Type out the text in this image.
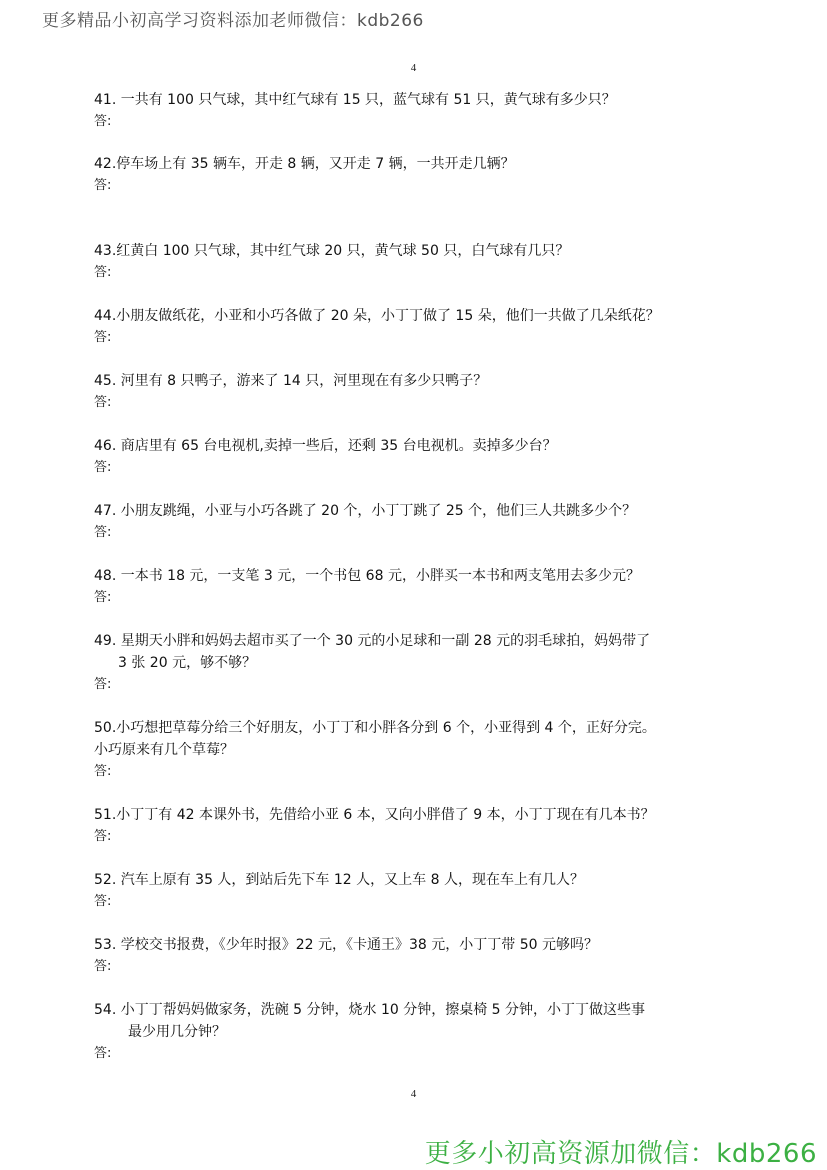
更多精品小初高学习资料添加老师微信：kdb266
4
41. 一共有 100 只气球，其中红气球有 15 只，蓝气球有 51 只，黄气球有多少只？
答:
42.停车场上有 35 辆车，开走 8 辆，又开走 7 辆，一共开走几辆？
答:
43.红黄白 100 只气球，其中红气球 20 只，黄气球 50 只，白气球有几只？
答:
44.小朋友做纸花，小亚和小巧各做了 20 朵，小丁丁做了 15 朵，他们一共做了几朵纸花？
答:
45. 河里有 8 只鸭子，游来了 14 只，河里现在有多少只鸭子？
答:
46. 商店里有 65 台电视机,卖掉一些后，还剩 35 台电视机。卖掉多少台？
答:
47. 小朋友跳绳，小亚与小巧各跳了 20 个，小丁丁跳了 25 个，他们三人共跳多少个？
答:
48. 一本书 18 元，一支笔 3 元，一个书包 68 元，小胖买一本书和两支笔用去多少元？
答:
49. 星期天小胖和妈妈去超市买了一个 30 元的小足球和一副 28 元的羽毛球拍，妈妈带了
3 张 20 元，够不够？
答:
50.小巧想把草莓分给三个好朋友，小丁丁和小胖各分到 6 个，小亚得到 4 个，正好分完。
小巧原来有几个草莓？
答:
51.小丁丁有 42 本课外书，先借给小亚 6 本，又向小胖借了 9 本，小丁丁现在有几本书？
答:
52. 汽车上原有 35 人，到站后先下车 12 人，又上车 8 人，现在车上有几人？
答:
53. 学校交书报费，《少年时报》22 元，《卡通王》38 元，小丁丁带 50 元够吗？
答:
54. 小丁丁帮妈妈做家务，洗碗 5 分钟，烧水 10 分钟，擦桌椅 5 分钟，小丁丁做这些事
最少用几分钟？
答:
4
更多小初高资源加微信：kdb266
